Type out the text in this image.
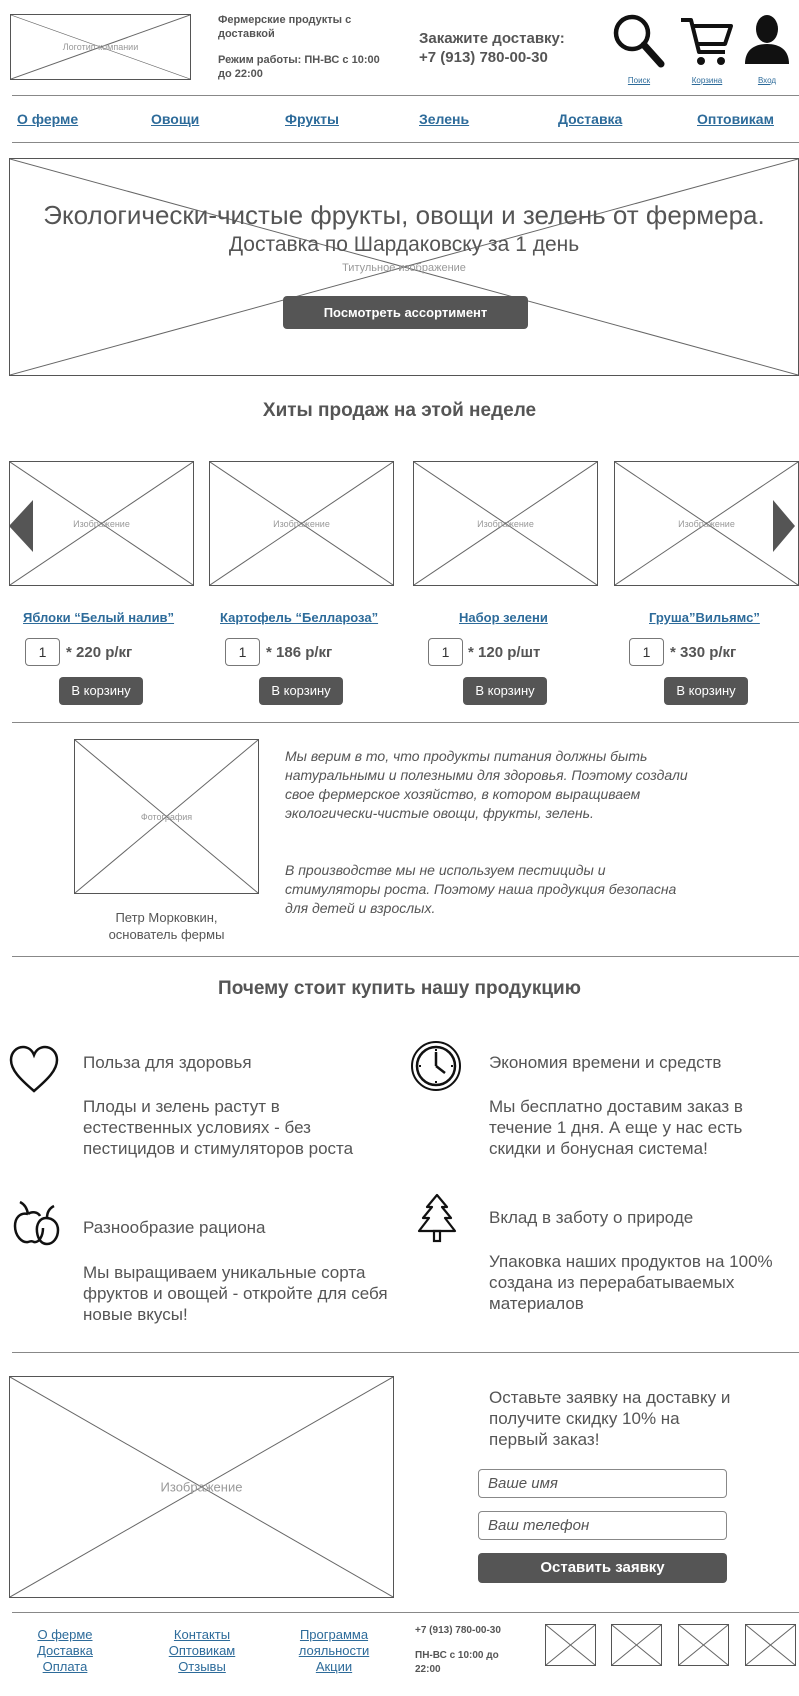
Логотип компании
Фермерские продукты с доставкой
Режим работы: ПН-ВС с 10:00 до 22:00
Закажите доставку:
+7 (913) 780-00-30
Поиск	Корзина	Вход
О ферме	Овощи	Фрукты	Зелень	Доставка	Оптовикам
Экологически-чистые фрукты, овощи и зелень от фермера.
Доставка по Шардаковску за 1 день
Титульное изображение
Посмотреть ассортимент
Хиты продаж на этой неделе
Изображение	Изображение	Изображение	Изображение
Яблоки “Белый налив”
1	* 220 р/кг
В корзину
Картофель “Беллароза”
1	* 186 р/кг
В корзину
Набор зелени
1	* 120 р/шт
В корзину
Груша”Вильямс”
1	* 330 р/кг
В корзину
Фотография
Петр Морковкин,
основатель фермы
Мы верим в то, что продукты питания должны быть натуральными и полезными для здоровья. Поэтому создали свое фермерское хозяйство, в котором выращиваем экологически-чистые овощи, фрукты, зелень.
В производстве мы не используем пестициды и стимуляторы роста. Поэтому наша продукция безопасна для детей и взрослых.
Почему стоит купить нашу продукцию
Польза для здоровья
Плоды и зелень растут в естественных условиях - без пестицидов и стимуляторов роста
Экономия времени и средств
Мы бесплатно доставим заказ в течение 1 дня. А еще у нас есть скидки и бонусная система!
Разнообразие рациона
Мы выращиваем уникальные сорта фруктов и овощей - откройте для себя новые вкусы!
Вклад в заботу о природе
Упаковка наших продуктов на 100% создана из перерабатываемых материалов
Изображение
Оставьте заявку на доставку и получите скидку 10% на первый заказ!
Ваше имя
Ваш телефон
Оставить заявку
О ферме
Доставка
Оплата
Контакты
Оптовикам
Отзывы
Программа
лояльности
Акции
+7 (913) 780-00-30
ПН-ВС с 10:00 до 22:00
